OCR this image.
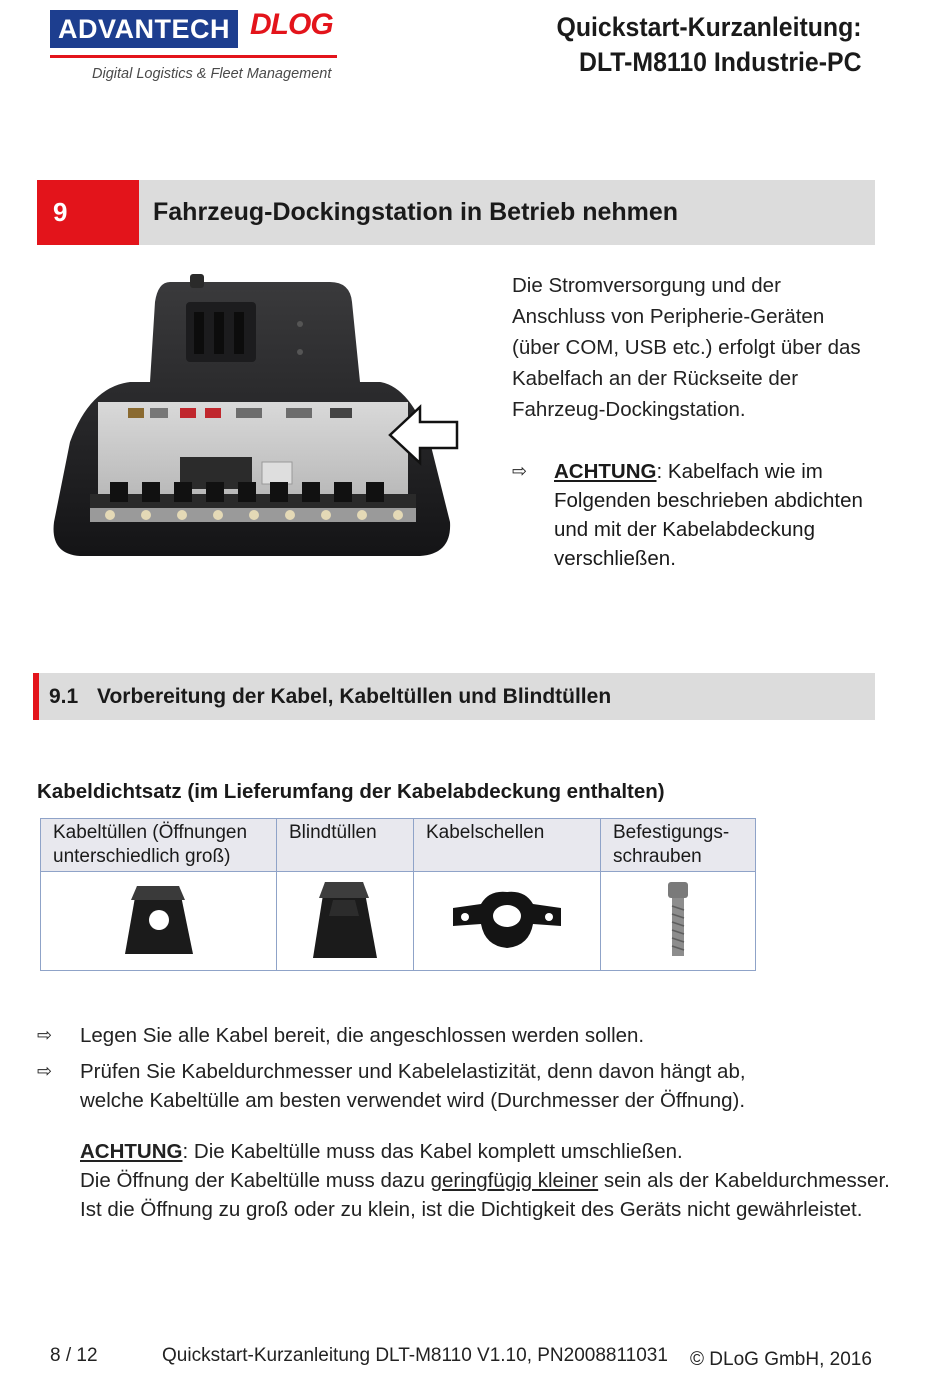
ADVANTECH DLOG
Digital Logistics & Fleet Management
Quickstart-Kurzanleitung:
DLT-M8110 Industrie-PC
9	Fahrzeug-Dockingstation in Betrieb nehmen
Die Stromversorgung und der
Anschluss von Peripherie-Geräten
(über COM, USB etc.) erfolgt über das
Kabelfach an der Rückseite der
Fahrzeug-Dockingstation.
⇨ ACHTUNG: Kabelfach wie im
Folgenden beschrieben abdichten
und mit der Kabelabdeckung
verschließen.
9.1 Vorbereitung der Kabel, Kabeltüllen und Blindtüllen
Kabeldichtsatz (im Lieferumfang der Kabelabdeckung enthalten)
Kabeltüllen (Öffnungen
unterschiedlich groß)	Blindtüllen	Kabelschellen	Befestigungs-
schrauben

⇨ Legen Sie alle Kabel bereit, die angeschlossen werden sollen.
⇨ Prüfen Sie Kabeldurchmesser und Kabelelastizität, denn davon hängt ab,
welche Kabeltülle am besten verwendet wird (Durchmesser der Öffnung).
ACHTUNG: Die Kabeltülle muss das Kabel komplett umschließen.
Die Öffnung der Kabeltülle muss dazu geringfügig kleiner sein als der Kabeldurchmesser.
Ist die Öffnung zu groß oder zu klein, ist die Dichtigkeit des Geräts nicht gewährleistet.
8 / 12	Quickstart-Kurzanleitung DLT-M8110 V1.10, PN2008811031 © DLoG GmbH, 2016
